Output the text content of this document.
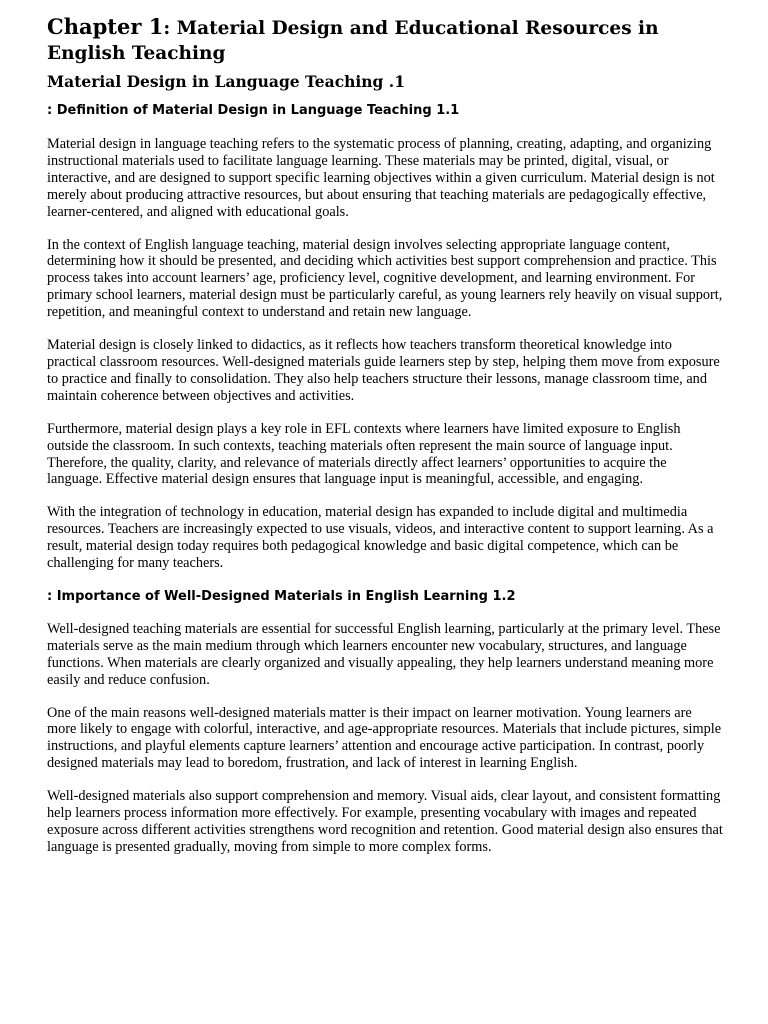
Chapter 1: Material Design and Educational Resources in English Teaching
Material Design in Language Teaching .1
: Definition of Material Design in Language Teaching 1.1

Material design in language teaching refers to the systematic process of planning, creating, adapting, and organizing instructional materials used to facilitate language learning. These materials may be printed, digital, visual, or interactive, and are designed to support specific learning objectives within a given curriculum. Material design is not merely about producing attractive resources, but about ensuring that teaching materials are pedagogically effective, learner-centered, and aligned with educational goals.

In the context of English language teaching, material design involves selecting appropriate language content, determining how it should be presented, and deciding which activities best support comprehension and practice. This process takes into account learners’ age, proficiency level, cognitive development, and learning environment. For primary school learners, material design must be particularly careful, as young learners rely heavily on visual support, repetition, and meaningful context to understand and retain new language.

Material design is closely linked to didactics, as it reflects how teachers transform theoretical knowledge into practical classroom resources. Well-designed materials guide learners step by step, helping them move from exposure to practice and finally to consolidation. They also help teachers structure their lessons, manage classroom time, and maintain coherence between objectives and activities.

Furthermore, material design plays a key role in EFL contexts where learners have limited exposure to English outside the classroom. In such contexts, teaching materials often represent the main source of language input. Therefore, the quality, clarity, and relevance of materials directly affect learners’ opportunities to acquire the language. Effective material design ensures that language input is meaningful, accessible, and engaging.

With the integration of technology in education, material design has expanded to include digital and multimedia resources. Teachers are increasingly expected to use visuals, videos, and interactive content to support learning. As a result, material design today requires both pedagogical knowledge and basic digital competence, which can be challenging for many teachers.

: Importance of Well-Designed Materials in English Learning 1.2

Well-designed teaching materials are essential for successful English learning, particularly at the primary level. These materials serve as the main medium through which learners encounter new vocabulary, structures, and language functions. When materials are clearly organized and visually appealing, they help learners understand meaning more easily and reduce confusion.

One of the main reasons well-designed materials matter is their impact on learner motivation. Young learners are more likely to engage with colorful, interactive, and age-appropriate resources. Materials that include pictures, simple instructions, and playful elements capture learners’ attention and encourage active participation. In contrast, poorly designed materials may lead to boredom, frustration, and lack of interest in learning English.

Well-designed materials also support comprehension and memory. Visual aids, clear layout, and consistent formatting help learners process information more effectively. For example, presenting vocabulary with images and repeated exposure across different activities strengthens word recognition and retention. Good material design also ensures that language is presented gradually, moving from simple to more complex forms.
